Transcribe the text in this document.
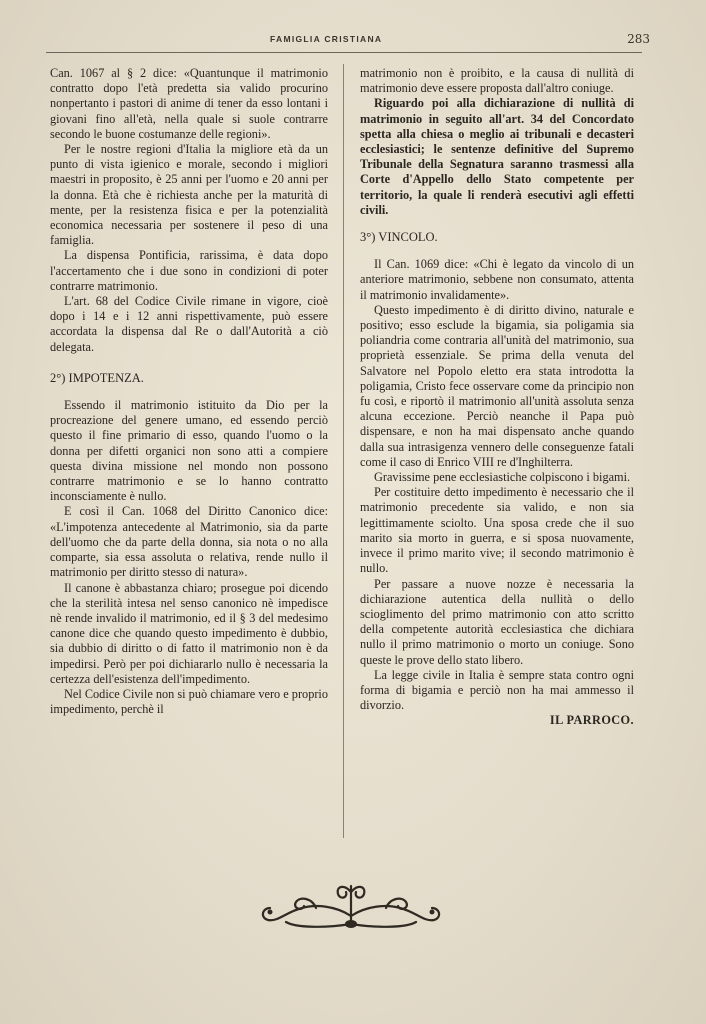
FAMIGLIA CRISTIANA	283

Can. 1067 al § 2 dice: «Quantunque il matrimonio contratto dopo l'età predetta sia valido procurino nonpertanto i pastori di anime di tener da esso lontani i giovani fino all'età, nella quale si suole contrarre secondo le buone costumanze delle regioni».

Per le nostre regioni d'Italia la migliore età da un punto di vista igienico e morale, secondo i migliori maestri in proposito, è 25 anni per l'uomo e 20 anni per la donna. Età che è richiesta anche per la maturità di mente, per la resistenza fisica e per la potenzialità economica necessaria per sostenere il peso di una famiglia.

La dispensa Pontificia, rarissima, è data dopo l'accertamento che i due sono in condizioni di poter contrarre matrimonio.

L'art. 68 del Codice Civile rimane in vigore, cioè dopo i 14 e i 12 anni rispettivamente, può essere accordata la dispensa dal Re o dall'Autorità a ciò delegata.

2°) IMPOTENZA.

Essendo il matrimonio istituito da Dio per la procreazione del genere umano, ed essendo perciò questo il fine primario di esso, quando l'uomo o la donna per difetti organici non sono atti a compiere questa divina missione nel mondo non possono contrarre matrimonio e se lo hanno contratto inconsciamente è nullo.

E così il Can. 1068 del Diritto Canonico dice: «L'impotenza antecedente al Matrimonio, sia da parte dell'uomo che da parte della donna, sia nota o no alla comparte, sia essa assoluta o relativa, rende nullo il matrimonio per diritto stesso di natura».

Il canone è abbastanza chiaro; prosegue poi dicendo che la sterilità intesa nel senso canonico nè impedisce nè rende invalido il matrimonio, ed il § 3 del medesimo canone dice che quando questo impedimento è dubbio, sia dubbio di diritto o di fatto il matrimonio non è da impedirsi. Però per poi dichiararlo nullo è necessaria la certezza dell'esistenza dell'impedimento.

Nel Codice Civile non si può chiamare vero e proprio impedimento, perchè il

matrimonio non è proibito, e la causa di nullità di matrimonio deve essere proposta dall'altro coniuge.

Riguardo poi alla dichiarazione di nullità di matrimonio in seguito all'art. 34 del Concordato spetta alla chiesa o meglio ai tribunali e decasteri ecclesiastici; le sentenze definitive del Supremo Tribunale della Segnatura saranno trasmessi alla Corte d'Appello dello Stato competente per territorio, la quale li renderà esecutivi agli effetti civili.

3°) VINCOLO.

Il Can. 1069 dice: «Chi è legato da vincolo di un anteriore matrimonio, sebbene non consumato, attenta il matrimonio invalidamente».

Questo impedimento è di diritto divino, naturale e positivo; esso esclude la bigamia, sia poligamia sia poliandria come contraria all'unità del matrimonio, sua proprietà essenziale. Se prima della venuta del Salvatore nel Popolo eletto era stata introdotta la poligamia, Cristo fece osservare come da principio non fu così, e riportò il matrimonio all'unità assoluta senza alcuna eccezione. Perciò neanche il Papa può dispensare, e non ha mai dispensato anche quando dalla sua intrasigenza vennero delle conseguenze fatali come il caso di Enrico VIII re d'Inghilterra.

Gravissime pene ecclesiastiche colpiscono i bigami.

Per costituire detto impedimento è necessario che il matrimonio precedente sia valido, e non sia legittimamente sciolto. Una sposa crede che il suo marito sia morto in guerra, e si sposa nuovamente, invece il primo marito vive; il secondo matrimonio è nullo.

Per passare a nuove nozze è necessaria la dichiarazione autentica della nullità o dello scioglimento del primo matrimonio con atto scritto della competente autorità ecclesiastica che dichiara nullo il primo matrimonio o morto un coniuge. Sono queste le prove dello stato libero.

La legge civile in Italia è sempre stata contro ogni forma di bigamia e perciò non ha mai ammesso il divorzio.

IL PARROCO.
